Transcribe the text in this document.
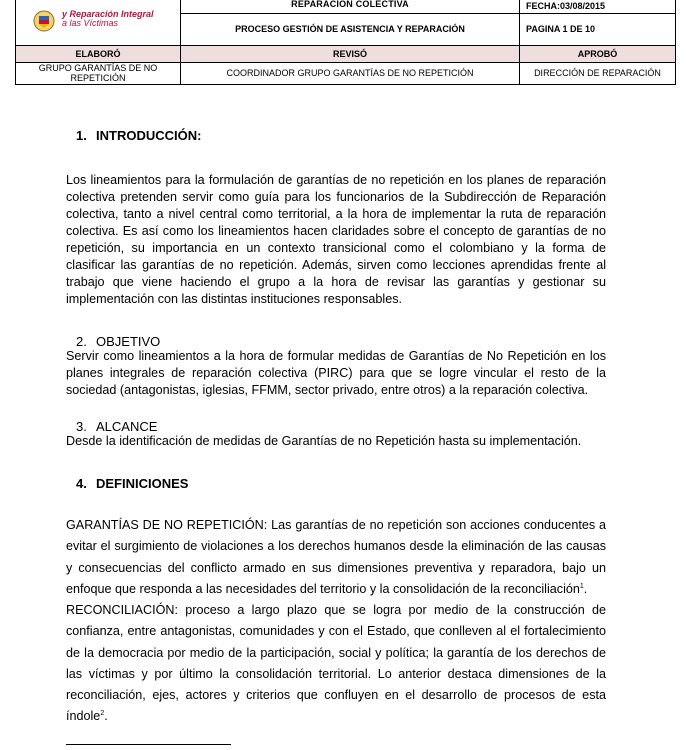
y Reparación Integral
a las Víctimas	REPARACIÓN COLECTIVA	FECHA:03/08/2015
	PROCESO GESTIÓN DE ASISTENCIA Y REPARACIÓN	PAGINA 1 DE 10
ELABORÓ	REVISÓ	APROBÓ
GRUPO GARANTÍAS DE NO REPETICIÓN	COORDINADOR GRUPO GARANTÍAS DE NO REPETICIÓN	DIRECCIÓN DE REPARACIÓN
1. INTRODUCCIÓN:

Los lineamientos para la formulación de garantías de no repetición en los planes de reparación colectiva pretenden servir como guía para los funcionarios de la Subdirección de Reparación colectiva, tanto a nivel central como territorial, a la hora de implementar la ruta de reparación colectiva. Es así como los lineamientos hacen claridades sobre el concepto de garantías de no repetición, su importancia en un contexto transicional como el colombiano y la forma de clasificar las garantías de no repetición. Además, sirven como lecciones aprendidas frente al trabajo que viene haciendo el grupo a la hora de revisar las garantías y gestionar su implementación con las distintas instituciones responsables.

2. OBJETIVO

Servir como lineamientos a la hora de formular medidas de Garantías de No Repetición en los planes integrales de reparación colectiva (PIRC) para que se logre vincular el resto de la sociedad (antagonistas, iglesias, FFMM, sector privado, entre otros) a la reparación colectiva.

3. ALCANCE

Desde la identificación de medidas de Garantías de no Repetición hasta su implementación.

4. DEFINICIONES

GARANTÍAS DE NO REPETICIÓN: Las garantías de no repetición son acciones conducentes a evitar el surgimiento de violaciones a los derechos humanos desde la eliminación de las causas y consecuencias del conflicto armado en sus dimensiones preventiva y reparadora, bajo un enfoque que responda a las necesidades del territorio y la consolidación de la reconciliación$^1$.

RECONCILIACIÓN: proceso a largo plazo que se logra por medio de la construcción de confianza, entre antagonistas, comunidades y con el Estado, que conlleven al el fortalecimiento de la democracia por medio de la participación, social y política; la garantía de los derechos de las víctimas y por último la consolidación territorial. Lo anterior destaca dimensiones de la reconciliación, ejes, actores y criterios que confluyen en el desarrollo de procesos de esta índole$^2$.
